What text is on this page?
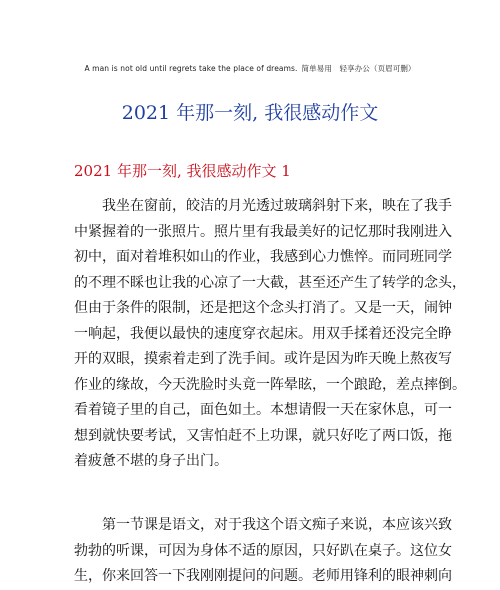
A man is not old until regrets take the place of dreams. 简单易用　轻享办公（页眉可删）
2021 年那一刻, 我很感动作文
2021 年那一刻, 我很感动作文 1
　　我坐在窗前，皎洁的月光透过玻璃斜射下来，映在了我手
中紧握着的一张照片。照片里有我最美好的记忆那时我刚进入
初中，面对着堆积如山的作业，我感到心力憔悴。而同班同学
的不理不睬也让我的心凉了一大截，甚至还产生了转学的念头，
但由于条件的限制，还是把这个念头打消了。又是一天，闹钟
一响起，我便以最快的速度穿衣起床。用双手揉着还没完全睁
开的双眼，摸索着走到了洗手间。或许是因为昨天晚上熬夜写
作业的缘故，今天洗脸时头竟一阵晕眩，一个踉跄，差点摔倒。
看着镜子里的自己，面色如土。本想请假一天在家休息，可一
想到就快要考试，又害怕赶不上功课，就只好吃了两口饭，拖
着疲惫不堪的身子出门。
　　第一节课是语文，对于我这个语文痴子来说，本应该兴致
勃勃的听课，可因为身体不适的原因，只好趴在桌子。这位女
生，你来回答一下我刚刚提问的问题。老师用锋利的眼神刺向
